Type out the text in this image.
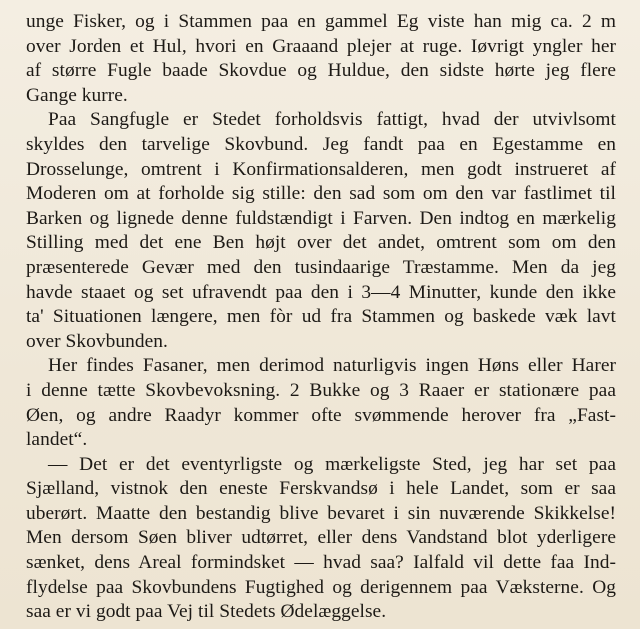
unge Fisker, og i Stammen paa en gammel Eg viste han mig ca. 2 m
over Jorden et Hul, hvori en Graaand plejer at ruge. Iøvrigt yngler her
af større Fugle baade Skovdue og Huldue, den sidste hørte jeg flere
Gange kurre.

Paa Sangfugle er Stedet forholdsvis fattigt, hvad der utvivlsomt
skyldes den tarvelige Skovbund. Jeg fandt paa en Egestamme en
Drosselunge, omtrent i Konfirmationsalderen, men godt instrueret af
Moderen om at forholde sig stille: den sad som om den var fastlimet til
Barken og lignede denne fuldstændigt i Farven. Den indtog en mærkelig
Stilling med det ene Ben højt over det andet, omtrent som om den
præsenterede Gevær med den tusindaarige Træstamme. Men da jeg
havde staaet og set ufravendt paa den i 3—4 Minutter, kunde den ikke
ta' Situationen længere, men fòr ud fra Stammen og baskede væk lavt
over Skovbunden.

Her findes Fasaner, men derimod naturligvis ingen Høns eller Harer
i denne tætte Skovbevoksning. 2 Bukke og 3 Raaer er stationære paa
Øen, og andre Raadyr kommer ofte svømmende herover fra „Fast-
landet“.

— Det er det eventyrligste og mærkeligste Sted, jeg har set paa
Sjælland, vistnok den eneste Ferskvandsø i hele Landet, som er saa
uberørt. Maatte den bestandig blive bevaret i sin nuværende Skikkelse!
Men dersom Søen bliver udtørret, eller dens Vandstand blot yderligere
sænket, dens Areal formindsket — hvad saa? Ialfald vil dette faa Ind-
flydelse paa Skovbundens Fugtighed og derigennem paa Væksterne. Og
saa er vi godt paa Vej til Stedets Ødelæggelse.
